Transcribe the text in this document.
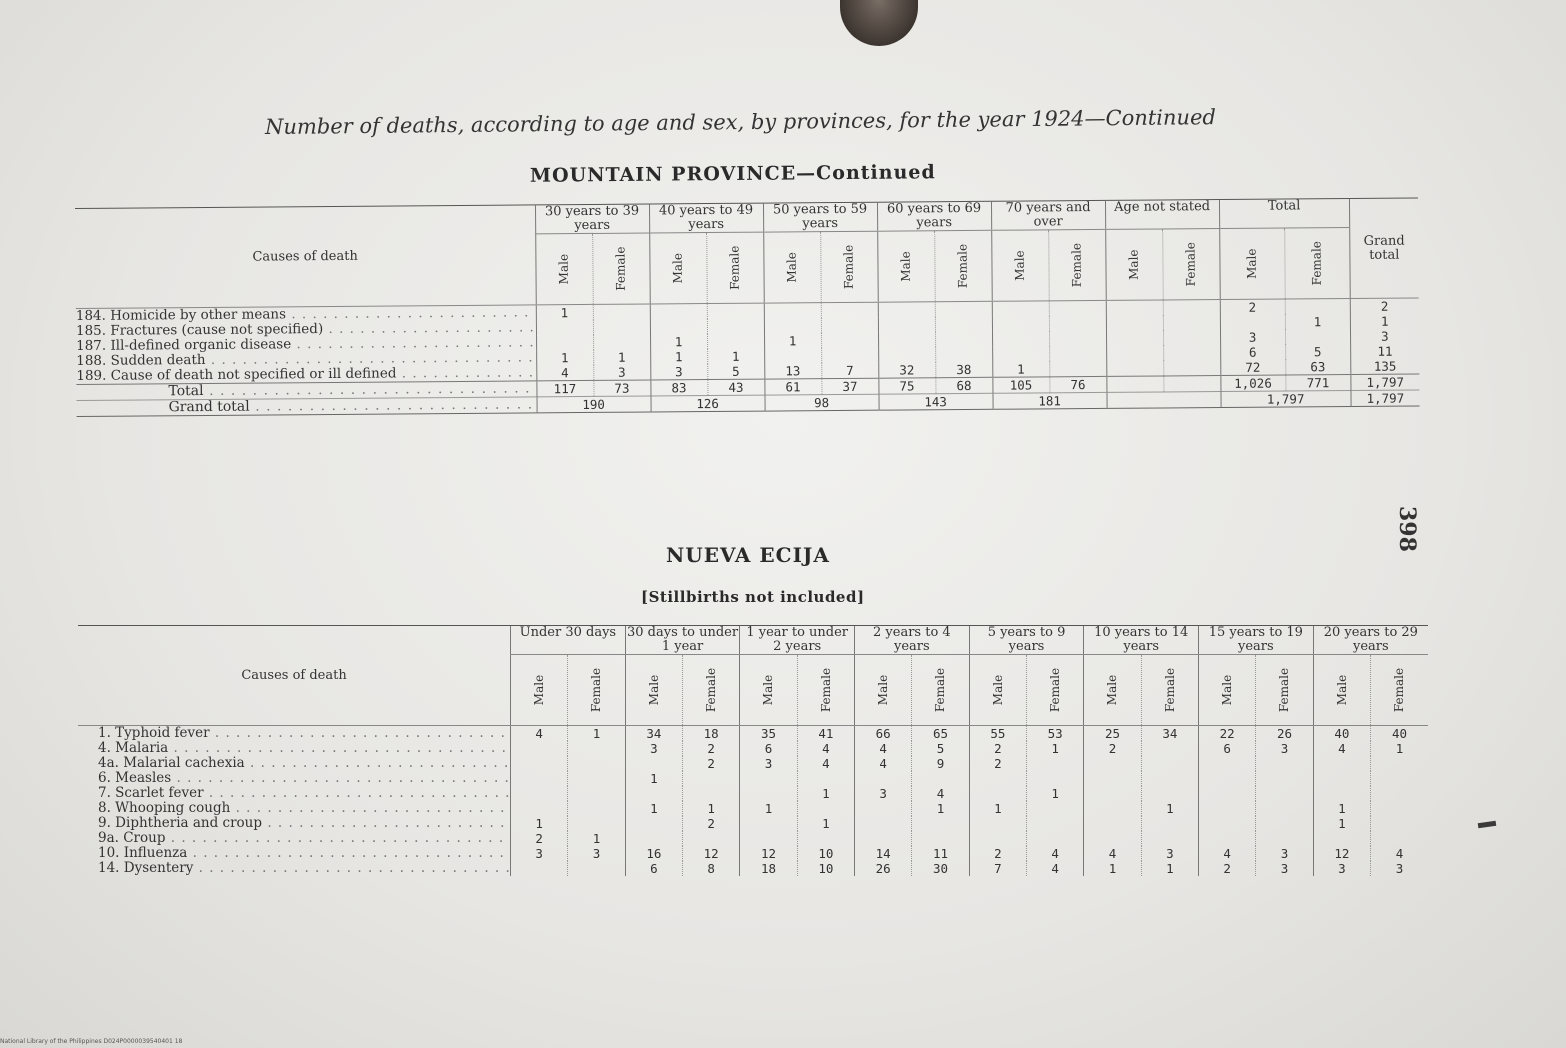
Number of deaths, according to age and sex, by provinces, for the year 1924—Continued
MOUNTAIN PROVINCE—Continued
Causes of death	30 years to 39 years		40 years to 49 years		50 years to 59 years		60 years to 69 years		70 years and over		Age not stated		Total		Grand total
	Male	Female	Male	Female	Male	Female	Male	Female	Male	Female	Male	Female	Male	Female	
184. Homicide by other means . . .	1												2		2
185. Fractures (cause not specified) . . .														1	1
187. Ill-defined organic disease . . .			1		1								3		3
188. Sudden death . . .	1	1	1	1									6	5	11
189. Cause of death not specified or ill defined . . .	4	3	3	5	13	7	32	38	1				72	63	135
Total . . .	117	73	83	43	61	37	75	68	105	76			1,026	771	1,797
Grand total . . .	190		126		98		143		181				1,797		1,797
398
NUEVA ECIJA
[Stillbirths not included]
Causes of death	Under 30 days		30 days to under 1 year		1 year to under 2 years		2 years to 4 years		5 years to 9 years		10 years to 14 years		15 years to 19 years		20 years to 29 years	
	Male	Female	Male	Female	Male	Female	Male	Female	Male	Female	Male	Female	Male	Female	Male	Female
1. Typhoid fever . . .	4	1	34	18	35	41	66	65	55	53	25	34	22	26	40	40
4. Malaria . . .			3	2	6	4	4	5	2	1	2		6	3	4	1
4a. Malarial cachexia . . .				2	3	4	4	9	2							
6. Measles . . .			1													
7. Scarlet fever . . .						1	3	4		1						
8. Whooping cough . . .			1	1	1			1	1			1			1	
9. Diphtheria and croup . . .	1			2		1									1	
9a. Croup . . .	2	1														
10. Influenza . . .	3	3	16	12	12	10	14	11	2	4	4	3	4	3	12	4
14. Dysentery . . .			6	8	18	10	26	30	7	4	1	1	2	3	3	3
National Library of the Philippines D024P0000039540401 18
